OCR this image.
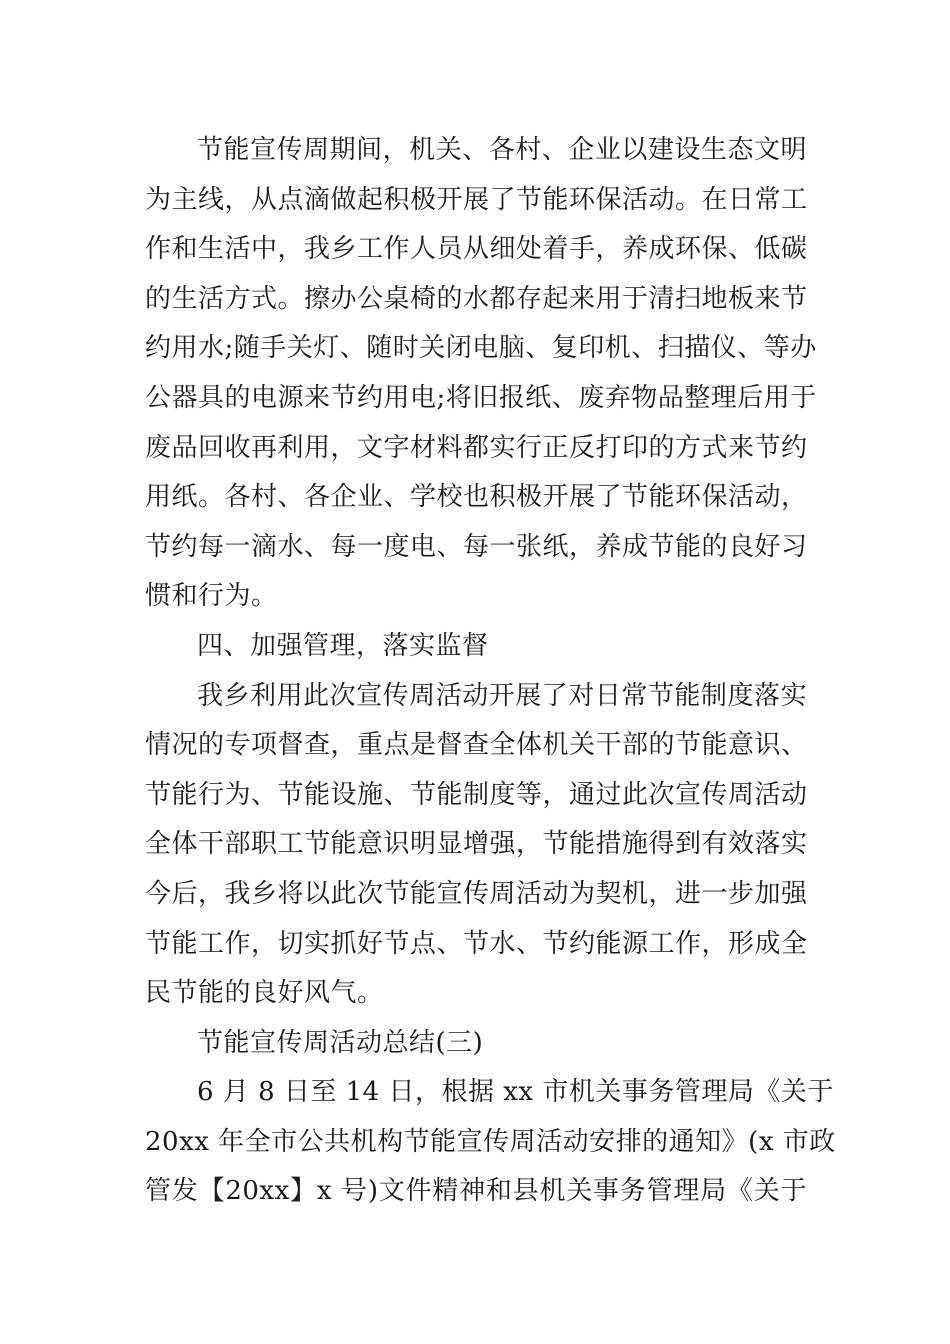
节能宣传周期间，机关、各村、企业以建设生态文明
为主线，从点滴做起积极开展了节能环保活动。在日常工
作和生活中，我乡工作人员从细处着手，养成环保、低碳
的生活方式。擦办公桌椅的水都存起来用于清扫地板来节
约用水;随手关灯、随时关闭电脑、复印机、扫描仪、等办
公器具的电源来节约用电;将旧报纸、废弃物品整理后用于
废品回收再利用，文字材料都实行正反打印的方式来节约
用纸。各村、各企业、学校也积极开展了节能环保活动，
节约每一滴水、每一度电、每一张纸，养成节能的良好习
惯和行为。
四、加强管理，落实监督
我乡利用此次宣传周活动开展了对日常节能制度落实
情况的专项督查，重点是督查全体机关干部的节能意识、
节能行为、节能设施、节能制度等，通过此次宣传周活动
全体干部职工节能意识明显增强，节能措施得到有效落实
今后，我乡将以此次节能宣传周活动为契机，进一步加强
节能工作，切实抓好节点、节水、节约能源工作，形成全
民节能的良好风气。
节能宣传周活动总结(三)
6 月 8 日至 14 日，根据 xx 市机关事务管理局《关于
20xx 年全市公共机构节能宣传周活动安排的通知》(x 市政
管发【20xx】x 号)文件精神和县机关事务管理局《关于
